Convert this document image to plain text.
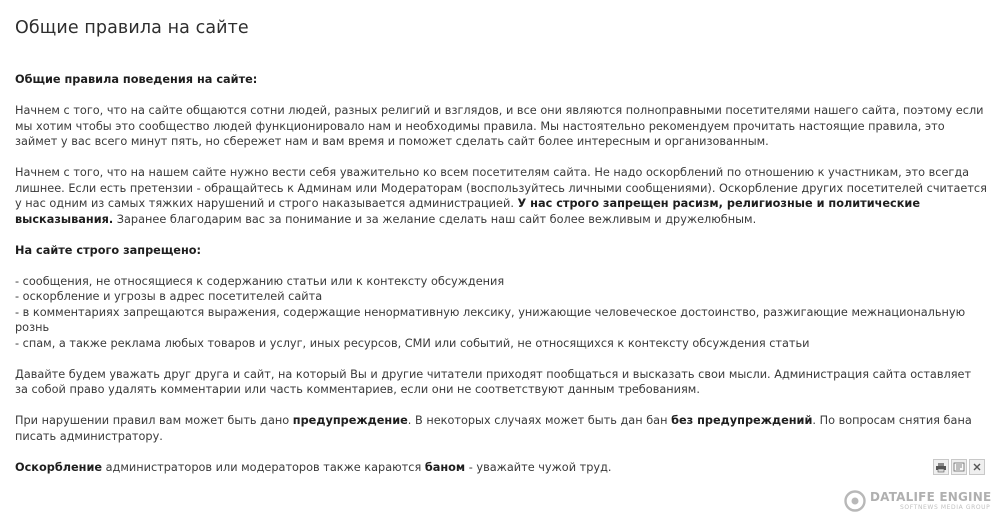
Общие правила на сайте

Общие правила поведения на сайте:

Начнем с того, что на сайте общаются сотни людей, разных религий и взглядов, и все они являются полноправными посетителями нашего сайта, поэтому если мы хотим чтобы это сообщество людей функционировало нам и необходимы правила. Мы настоятельно рекомендуем прочитать настоящие правила, это займет у вас всего минут пять, но сбережет нам и вам время и поможет сделать сайт более интересным и организованным.

Начнем с того, что на нашем сайте нужно вести себя уважительно ко всем посетителям сайта. Не надо оскорблений по отношению к участникам, это всегда лишнее. Если есть претензии - обращайтесь к Админам или Модераторам (воспользуйтесь личными сообщениями). Оскорбление других посетителей считается у нас одним из самых тяжких нарушений и строго наказывается администрацией. У нас строго запрещен расизм, религиозные и политические высказывания. Заранее благодарим вас за понимание и за желание сделать наш сайт более вежливым и дружелюбным.

На сайте строго запрещено:

- сообщения, не относящиеся к содержанию статьи или к контексту обсуждения
- оскорбление и угрозы в адрес посетителей сайта
- в комментариях запрещаются выражения, содержащие ненормативную лексику, унижающие человеческое достоинство, разжигающие межнациональную рознь
- спам, а также реклама любых товаров и услуг, иных ресурсов, СМИ или событий, не относящихся к контексту обсуждения статьи

Давайте будем уважать друг друга и сайт, на который Вы и другие читатели приходят пообщаться и высказать свои мысли. Администрация сайта оставляет за собой право удалять комментарии или часть комментариев, если они не соответствуют данным требованиям.

При нарушении правил вам может быть дано предупреждение. В некоторых случаях может быть дан бан без предупреждений. По вопросам снятия бана писать администратору.

Оскорбление администраторов или модераторов также караются баном - уважайте чужой труд.

DATALIFE ENGINE
SOFTNEWS MEDIA GROUP
